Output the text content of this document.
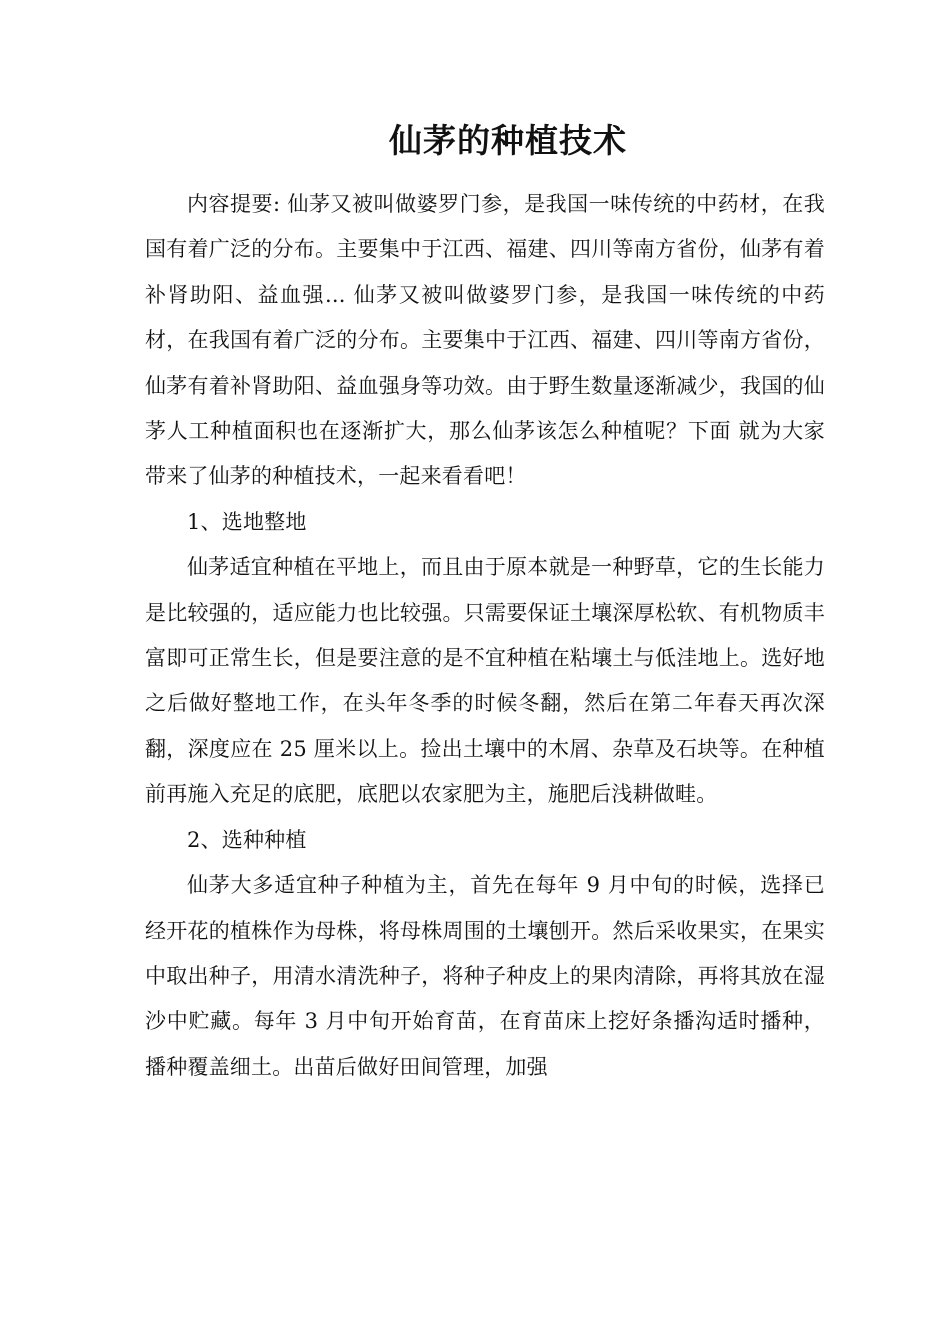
仙茅的种植技术

内容提要: 仙茅又被叫做婆罗门参，是我国一味传统的中药材，在我国有着广泛的分布。主要集中于江西、福建、四川等南方省份，仙茅有着补肾助阳、益血强... 仙茅又被叫做婆罗门参，是我国一味传统的中药材，在我国有着广泛的分布。主要集中于江西、福建、四川等南方省份，仙茅有着补肾助阳、益血强身等功效。由于野生数量逐渐减少，我国的仙茅人工种植面积也在逐渐扩大，那么仙茅该怎么种植呢？下面 就为大家带来了仙茅的种植技术，一起来看看吧！

1、选地整地

仙茅适宜种植在平地上，而且由于原本就是一种野草，它的生长能力是比较强的，适应能力也比较强。只需要保证土壤深厚松软、有机物质丰富即可正常生长，但是要注意的是不宜种植在粘壤土与低洼地上。选好地之后做好整地工作，在头年冬季的时候冬翻，然后在第二年春天再次深翻，深度应在 25 厘米以上。捡出土壤中的木屑、杂草及石块等。在种植前再施入充足的底肥，底肥以农家肥为主，施肥后浅耕做畦。

2、选种种植

仙茅大多适宜种子种植为主，首先在每年 9 月中旬的时候，选择已经开花的植株作为母株，将母株周围的土壤刨开。然后采收果实，在果实中取出种子，用清水清洗种子，将种子种皮上的果肉清除，再将其放在湿沙中贮藏。每年 3 月中旬开始育苗，在育苗床上挖好条播沟适时播种，播种覆盖细土。出苗后做好田间管理，加强
